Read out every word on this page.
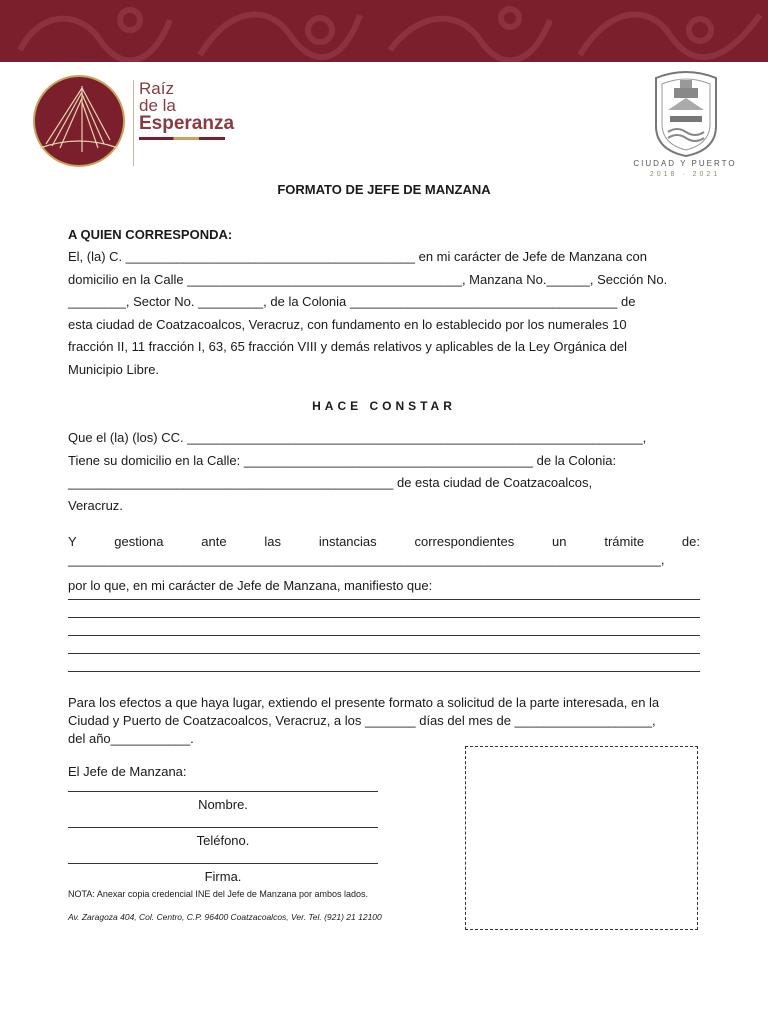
Raíz
de la
Esperanza
CIUDAD Y PUERTO
2018 · 2021
FORMATO DE JEFE DE MANZANA
A QUIEN CORRESPONDA:
El, (la) C. ________________________________________ en mi carácter de Jefe de Manzana con
domicilio en la Calle ______________________________________, Manzana No.______, Sección No.
________, Sector No. _________, de la Colonia _____________________________________ de
esta ciudad de Coatzacoalcos, Veracruz, con fundamento en lo establecido por los numerales 10
fracción II, 11 fracción I, 63, 65 fracción VIII y demás relativos y aplicables de la Ley Orgánica del
Municipio Libre.
HACE CONSTAR
Que el (la) (los) CC. _______________________________________________________________,
Tiene su domicilio en la Calle: ________________________________________ de la Colonia:
_____________________________________________ de esta ciudad de Coatzacoalcos,
Veracruz.
Y gestiona ante las instancias correspondientes un trámite de:
__________________________________________________________________________________,
por lo que, en mi carácter de Jefe de Manzana, manifiesto que:
Para los efectos a que haya lugar, extiendo el presente formato a solicitud de la parte interesada, en la
Ciudad y Puerto de Coatzacoalcos, Veracruz, a los _______ días del mes de ___________________,
del año___________.
El Jefe de Manzana:
Nombre.
Teléfono.
Firma.
NOTA: Anexar copia credencial INE del Jefe de Manzana por ambos lados.
Av. Zaragoza 404, Col. Centro, C.P. 96400 Coatzacoalcos, Ver. Tel. (921) 21 12100
